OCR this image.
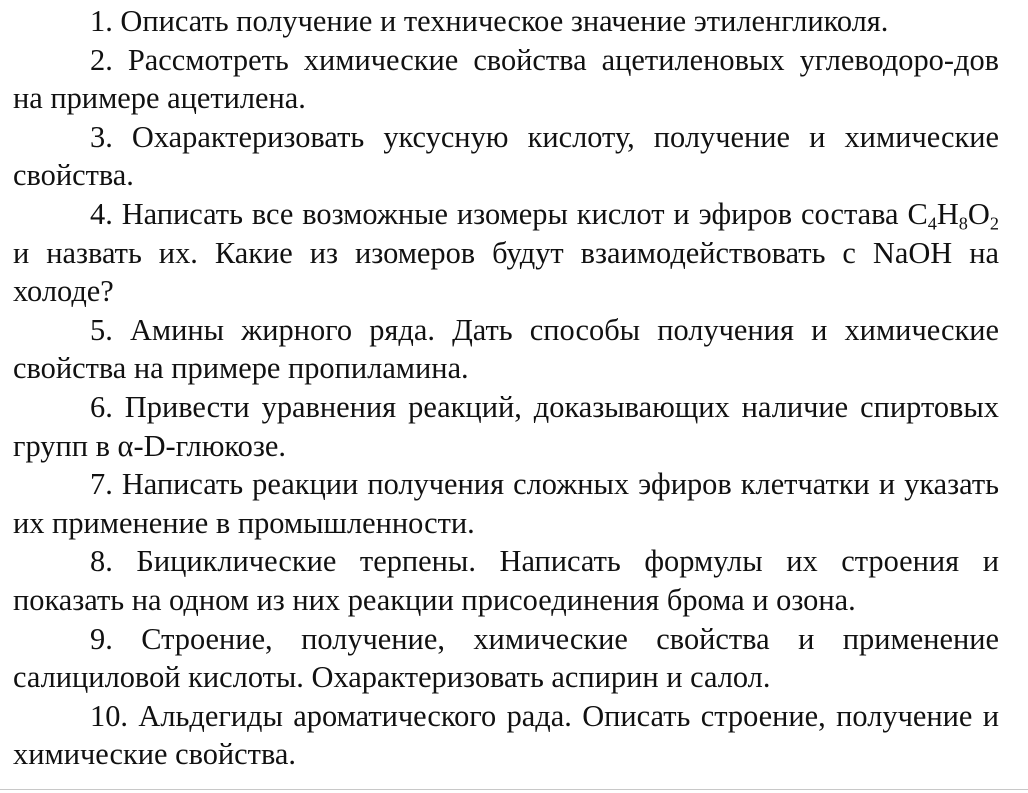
1. Описать получение и техническое значение этиленгликоля.

2. Рассмотреть химические свойства ацетиленовых углеводоро-дов на примере ацетилена.

3. Охарактеризовать уксусную кислоту, получение и химические свойства.

4. Написать все возможные изомеры кислот и эфиров состава $C_4H_8O_2$ и назвать их. Какие из изомеров будут взаимодействовать с NaOH на холоде?

5. Амины жирного ряда. Дать способы получения и химические свойства на примере пропиламина.

6. Привести уравнения реакций, доказывающих наличие спиртовых групп в α-D-глюкозе.

7. Написать реакции получения сложных эфиров клетчатки и указать их применение в промышленности.

8. Бициклические терпены. Написать формулы их строения и показать на одном из них реакции присоединения брома и озона.

9. Строение, получение, химические свойства и применение салициловой кислоты. Охарактеризовать аспирин и салол.

10. Альдегиды ароматического рада. Описать строение, получение и химические свойства.
